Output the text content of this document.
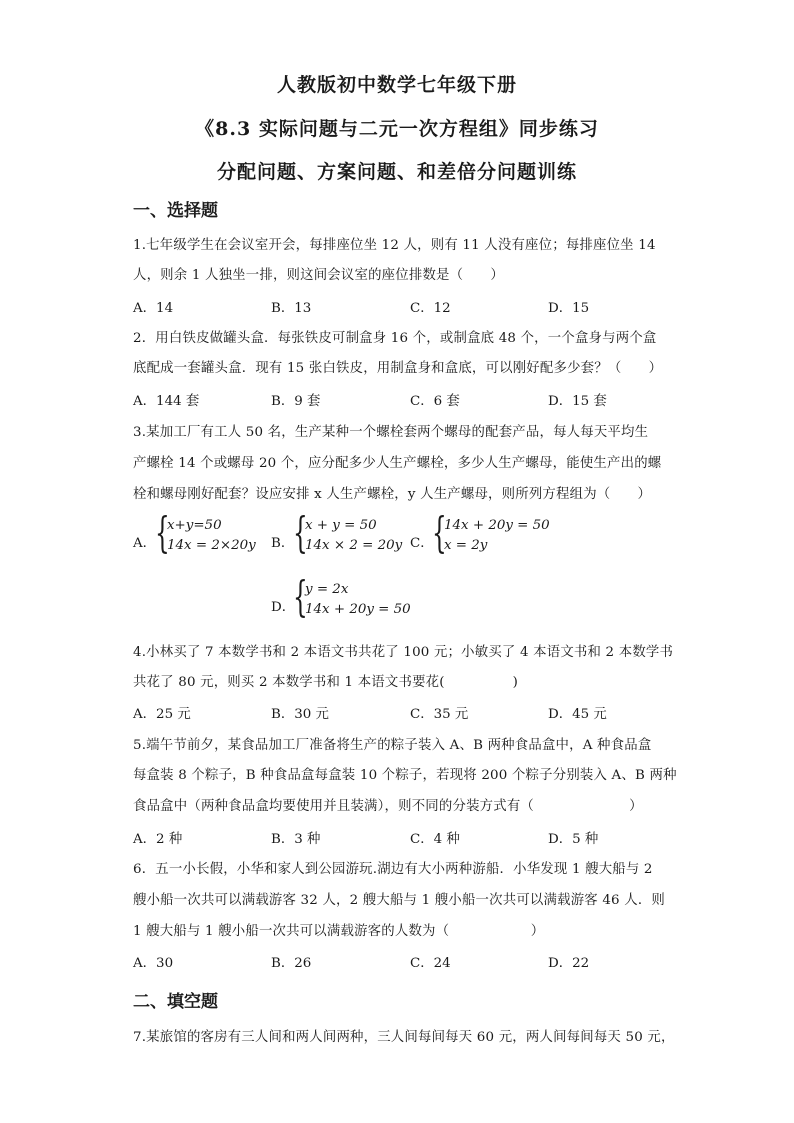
人教版初中数学七年级下册
《8.3 实际问题与二元一次方程组》同步练习
分配问题、方案问题、和差倍分问题训练
一、选择题
1.七年级学生在会议室开会，每排座位坐 12 人，则有 11 人没有座位；每排座位坐 14
人，则余 1 人独坐一排，则这间会议室的座位排数是（　　）
A．14	B．13	C．12	D．15
2．用白铁皮做罐头盒．每张铁皮可制盒身 16 个，或制盒底 48 个，一个盒身与两个盒
底配成一套罐头盒．现有 15 张白铁皮，用制盒身和盒底，可以刚好配多少套？（　　）
A．144 套	B．9 套	C．6 套	D．15 套
3.某加工厂有工人 50 名，生产某种一个螺栓套两个螺母的配套产品，每人每天平均生
产螺栓 14 个或螺母 20 个，应分配多少人生产螺栓，多少人生产螺母，能使生产出的螺
栓和螺母刚好配套？设应安排 x 人生产螺栓，y 人生产螺母，则所列方程组为（　　）
A．
{
x+y=50
14x = 2×20y B．
{
x + y = 50
14x × 2 = 20y C．
{
14x + 20y = 50
x = 2y
D．
{
y = 2x
14x + 20y = 50
4.小林买了 7 本数学书和 2 本语文书共花了 100 元；小敏买了 4 本语文书和 2 本数学书
共花了 80 元，则买 2 本数学书和 1 本语文书要花(　　　　　)
A．25 元	B．30 元	C．35 元	D．45 元
5.端午节前夕，某食品加工厂准备将生产的粽子装入 A、B 两种食品盒中，A 种食品盒
每盒装 8 个粽子，B 种食品盒每盒装 10 个粽子，若现将 200 个粽子分别装入 A、B 两种
食品盒中（两种食品盒均要使用并且装满），则不同的分装方式有（　　　　　　　）
A．2 种	B．3 种	C．4 种	D．5 种
6．五一小长假，小华和家人到公园游玩.湖边有大小两种游船．小华发现 1 艘大船与 2
艘小船一次共可以满载游客 32 人，2 艘大船与 1 艘小船一次共可以满载游客 46 人．则
1 艘大船与 1 艘小船一次共可以满载游客的人数为（　　　　　　）
A．30	B．26	C．24	D．22
二、填空题
7.某旅馆的客房有三人间和两人间两种，三人间每间每天 60 元，两人间每间每天 50 元，
